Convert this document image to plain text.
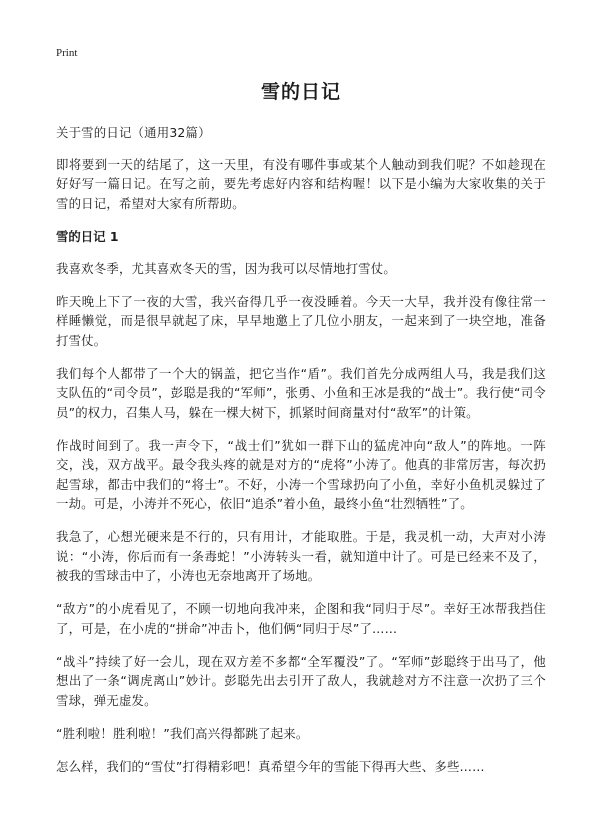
Print
雪的日记

关于雪的日记（通用32篇）

即将要到一天的结尾了，这一天里，有没有哪件事或某个人触动到我们呢？不如趁现在好好写一篇日记。在写之前，要先考虑好内容和结构喔！以下是小编为大家收集的关于雪的日记，希望对大家有所帮助。

雪的日记 1

我喜欢冬季，尤其喜欢冬天的雪，因为我可以尽情地打雪仗。

昨天晚上下了一夜的大雪，我兴奋得几乎一夜没睡着。今天一大早，我并没有像往常一样睡懒觉，而是很早就起了床，早早地邀上了几位小朋友，一起来到了一块空地，准备打雪仗。

我们每个人都带了一个大的锅盖，把它当作“盾”。我们首先分成两组人马，我是我们这支队伍的“司令员”，彭聪是我的“军师”，张勇、小鱼和王冰是我的“战士”。我行使“司令员”的权力，召集人马，躲在一棵大树下，抓紧时间商量对付“敌军”的计策。

作战时间到了。我一声令下，“战士们”犹如一群下山的猛虎冲向“敌人”的阵地。一阵交，浅，双方战平。最令我头疼的就是对方的“虎将”小涛了。他真的非常厉害，每次扔起雪球，都击中我们的“将士”。不好，小涛一个雪球扔向了小鱼，幸好小鱼机灵躲过了一劫。可是，小涛并不死心，依旧“追杀”着小鱼，最终小鱼“壮烈牺牲”了。

我急了，心想光硬来是不行的，只有用计，才能取胜。于是，我灵机一动，大声对小涛说：“小涛，你后而有一条毒蛇！”小涛转头一看，就知道中计了。可是已经来不及了，被我的雪球击中了，小涛也无奈地离开了场地。

“敌方”的小虎看见了，不顾一切地向我冲来，企图和我“同归于尽”。幸好王冰帮我挡住了，可是，在小虎的“拼命”冲击卜，他们俩“同归于尽”了……

“战斗”持续了好一会儿，现在双方差不多都“全军覆没”了。“军师”彭聪终于出马了，他想出了一条“调虎离山”妙计。彭聪先出去引开了敌人，我就趁对方不注意一次扔了三个雪球，弹无虚发。

“胜利啦！胜利啦！”我们高兴得都跳了起来。

怎么样，我们的“雪仗”打得精彩吧！真希望今年的雪能下得再大些、多些……
